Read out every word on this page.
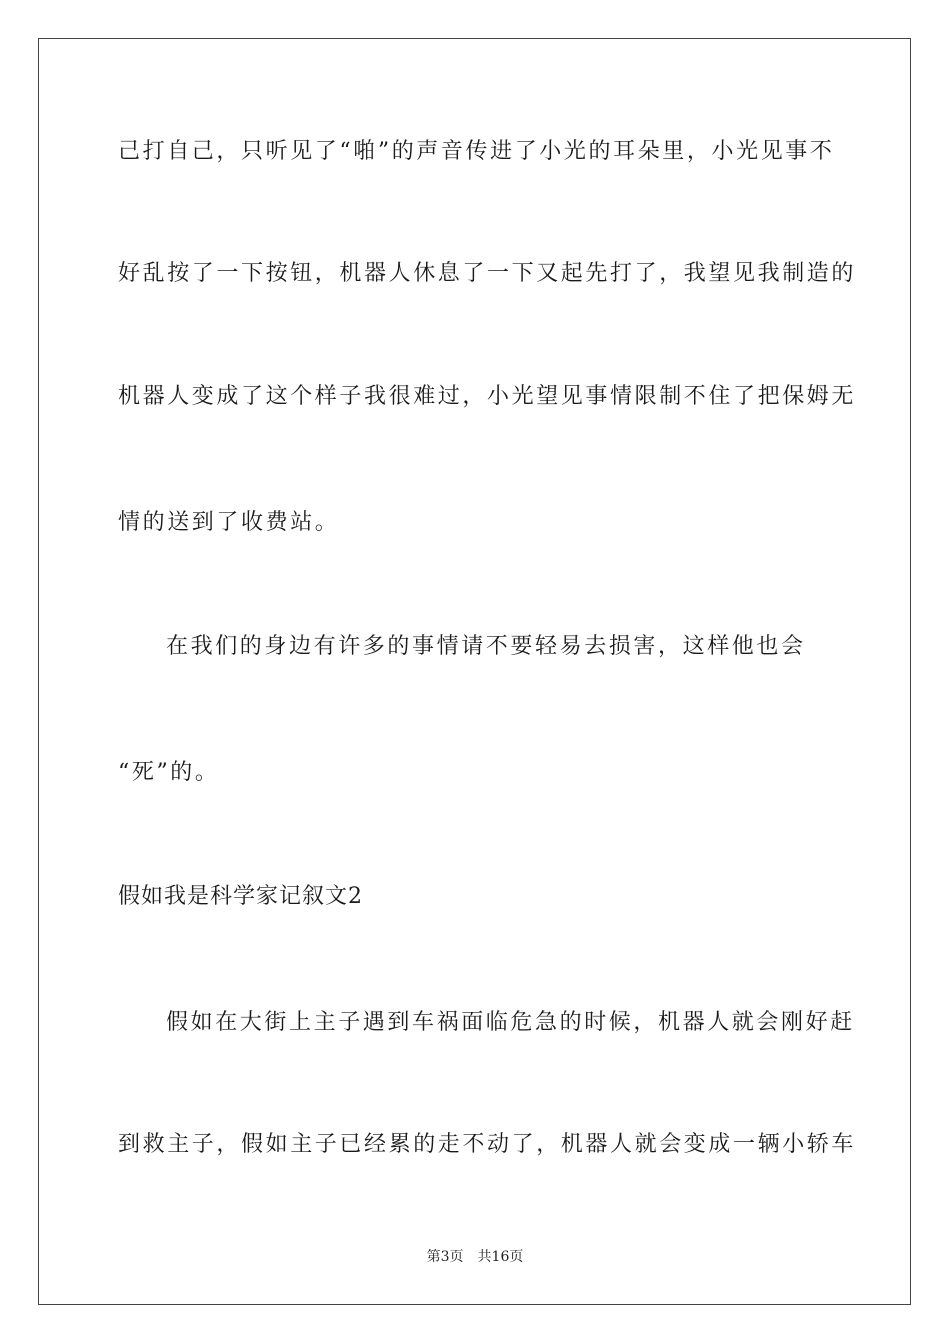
己打自己，只听见了“啪”的声音传进了小光的耳朵里，小光见事不
好乱按了一下按钮，机器人休息了一下又起先打了，我望见我制造的
机器人变成了这个样子我很难过，小光望见事情限制不住了把保姆无
情的送到了收费站。
在我们的身边有许多的事情请不要轻易去损害，这样他也会
“死”的。
假如我是科学家记叙文2
假如在大街上主子遇到车祸面临危急的时候，机器人就会刚好赶
到救主子，假如主子已经累的走不动了，机器人就会变成一辆小轿车
第3页 共16页
